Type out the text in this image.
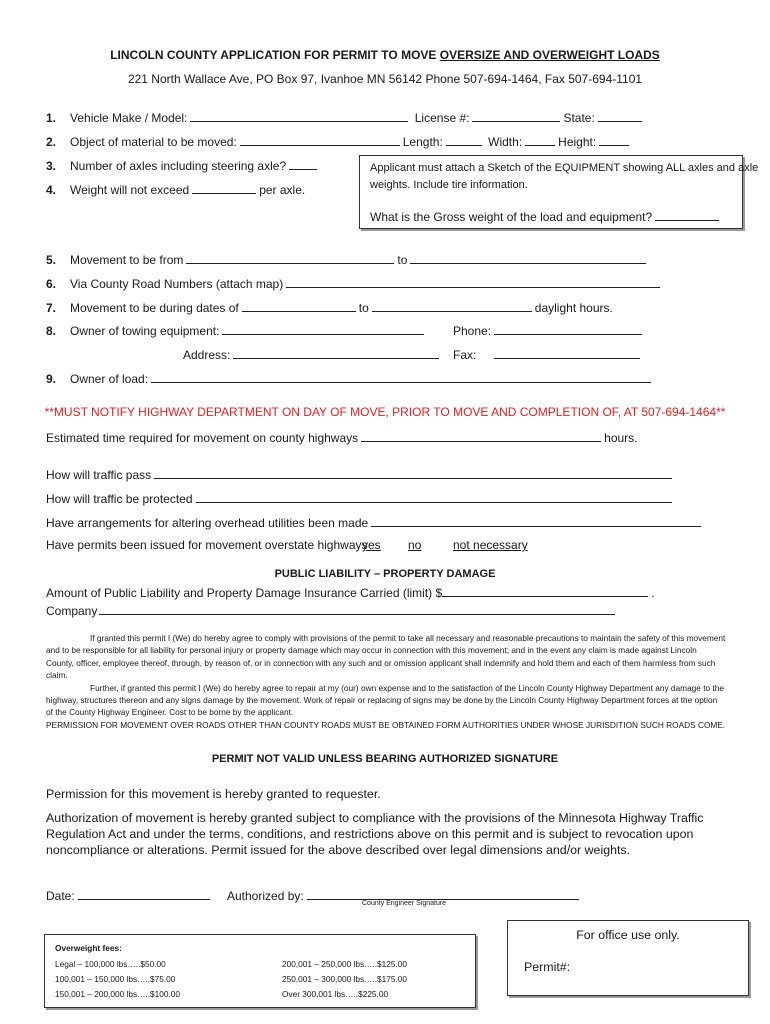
LINCOLN COUNTY APPLICATION FOR PERMIT TO MOVE OVERSIZE AND OVERWEIGHT LOADS
221 North Wallace Ave, PO Box 97, Ivanhoe MN 56142 Phone 507-694-1464, Fax 507-694-1101
1. Vehicle Make / Model:	License #:	State:
2. Object of material to be moved:	Length:	Width:	Height:
3. Number of axles including steering axle?
4. Weight will not exceed	per axle.
Applicant must attach a Sketch of the EQUIPMENT showing ALL axles and axle
weights. Include tire information.
What is the Gross weight of the load and equipment?
5. Movement to be from	to
6. Via County Road Numbers (attach map)
7. Movement to be during dates of	to	daylight hours.
8. Owner of towing equipment:	Phone:
Address:	Fax:
9. Owner of load:
**MUST NOTIFY HIGHWAY DEPARTMENT ON DAY OF MOVE, PRIOR TO MOVE AND COMPLETION OF, AT 507-694-1464**
Estimated time required for movement on county highways	hours.
How will traffic pass
How will traffic be protected
Have arrangements for altering overhead utilities been made
Have permits been issued for movement overstate highways
yes no	not necessary
PUBLIC LIABILITY – PROPERTY DAMAGE
Amount of Public Liability and Property Damage Insurance Carried (limit) $	.
Company

If granted this permit I (We) do hereby agree to comply with provisions of the permit to take all necessary and reasonable precautions to maintain the safety of this movement and to be responsible for all liability for personal injury or property damage which may occur in connection with this movement; and in the event any claim is made against Lincoln County, officer, employee thereof, through, by reason of, or in connection with any such and or omission applicant shall indemnify and hold them and each of them harmless from such claim.

Further, if granted this permit I (We) do hereby agree to repair at my (our) own expense and to the satisfaction of the Lincoln County Highway Department any damage to the highway, structures thereon and any signs damage by the movement. Work of repair or replacing of signs may be done by the Lincoln County Highway Department forces at the option of the County Highway Engineer. Cost to be borne by the applicant.

PERMISSION FOR MOVEMENT OVER ROADS OTHER THAN COUNTY ROADS MUST BE OBTAINED FORM AUTHORITIES UNDER WHOSE JURISDITION SUCH ROADS COME.

PERMIT NOT VALID UNLESS BEARING AUTHORIZED SIGNATURE
Permission for this movement is hereby granted to requester.
Authorization of movement is hereby granted subject to compliance with the provisions of the Minnesota Highway Traffic
Regulation Act and under the terms, conditions, and restrictions above on this permit and is subject to revocation upon
noncompliance or alterations. Permit issued for the above described over legal dimensions and/or weights.
Date:	Authorized by:
County Engineer Signature
For office use only.
Permit#:
Overweight fees:
Legal – 100,000 lbs…..$50.00
100,001 – 150,000 lbs…..$75.00
150,001 – 200,000 lbs…..$100.00
200,001 – 250,000 lbs…..$125.00
250,001 – 300,000 lbs…..$175.00
Over 300,001 lbs…..$225.00
